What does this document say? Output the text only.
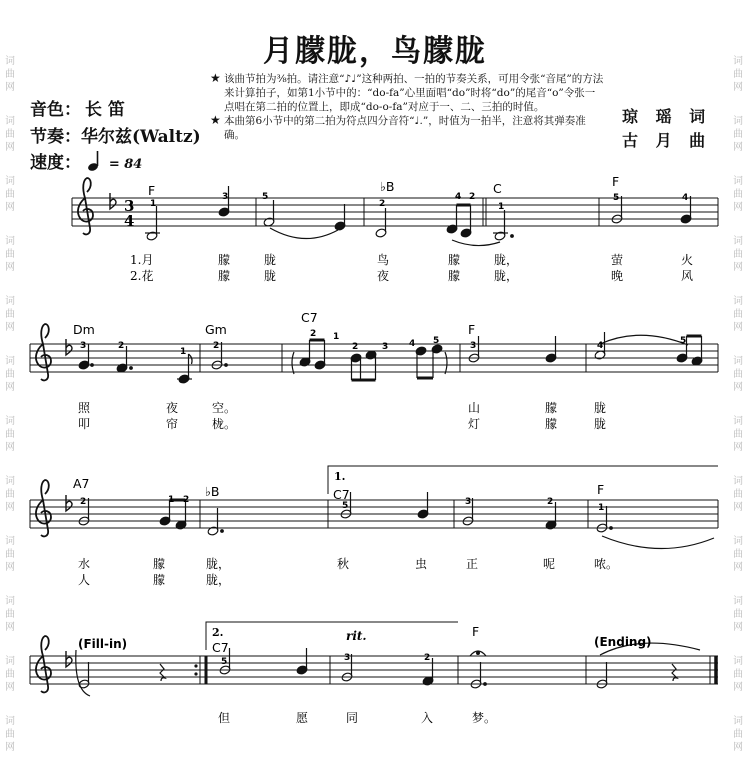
词
曲
网
词
曲
网
词
曲
网
词
曲
网
词
曲
网
词
曲
网
词
曲
网
词
曲
网
词
曲
网
词
曲
网
词
曲
网
词
曲
网
词
曲
网
词
曲
网
词
曲
网
词
曲
网
词
曲
网
词
曲
网
词
曲
网
词
曲
网
词
曲
网
词
曲
网
词
曲
网
词
曲
网
月朦胧，鸟朦胧
音色： 长 笛
节奏：华尔兹(Waltz)
速度： = 84
★ 该曲节拍为⅜拍。请注意“♪♩”这种两拍、一拍的节奏关系，可用令张“音尾”的方法来计算拍子，如第1小节中的：“do-fa”心里面唱“do”时将“do”的尾音“o”令张一点唱在第二拍的位置上，即成“do-o-fa”对应于一、二、三拍的时值。
★ 本曲第6小节中的第二拍为符点四分音符“♩.”，时值为一拍半，注意将其弹奏准确。
琼 瑶 词
古 月 曲
3
4
F	♭B	C	F
1
3	5
2
4 2
1
5	4
1.月	朦	胧	鸟	朦	胧，	萤	火
2.花	朦	胧	夜	朦	胧，	晚	风
Dm	Gm
C7
F
3	2
1
2
2 1
2	3 4 5	3	4	5
照	夜	空。	山	朦	胧
叩	帘	栊。	灯	朦	胧
1.
A7
♭B	C7	F
2	1 2
5	3	2
1
水	朦	胧，	秋	虫	正	呢	哝。
人	朦	胧，
2.
(Fill-in)	(Ending)
rit.
C7
F
5	3	2
但	愿	同	入	梦。
